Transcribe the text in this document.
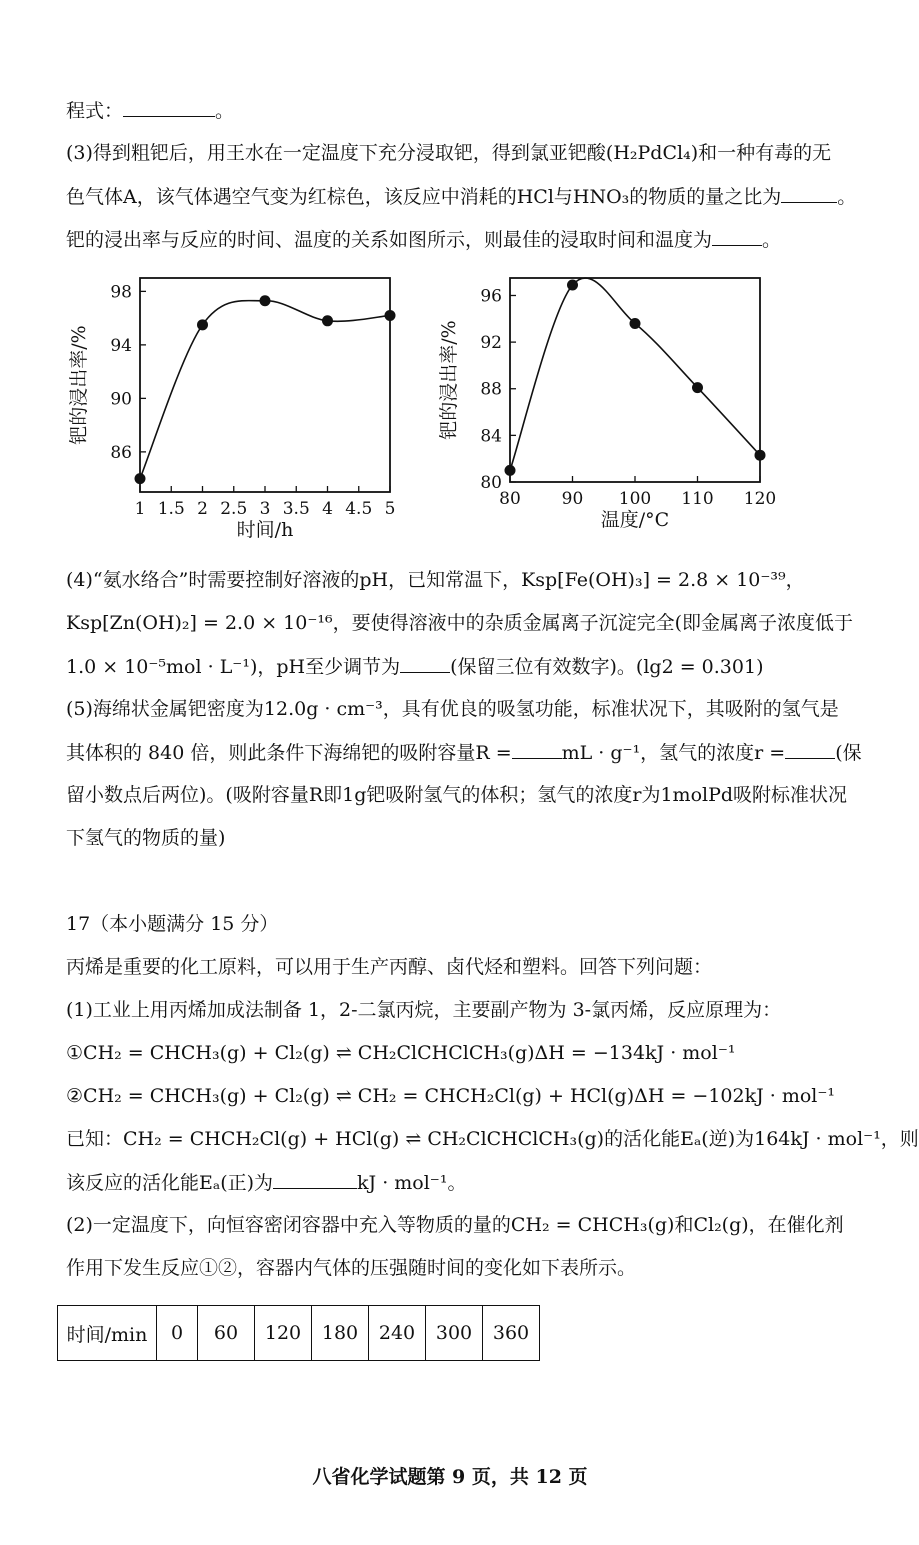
程式：	。
(3)得到粗钯后，用王水在一定温度下充分浸取钯，得到氯亚钯酸(H₂PdCl₄)和一种有毒的无
色气体A，该气体遇空气变为红棕色，该反应中消耗的HCl与HNO₃的物质的量之比为	。
钯的浸出率与反应的时间、温度的关系如图所示，则最佳的浸取时间和温度为	。
1 1.5 2 2.5 3 3.5 4 4.5 5
86
90
94
98
时间/h
钯的浸出率/%
80 90 100 110 120
80
84
88
92
96
温度/°C
钯的浸出率/%
(4)“氨水络合”时需要控制好溶液的pH，已知常温下，Ksp[Fe(OH)₃] = 2.8 × 10⁻³⁹，
Ksp[Zn(OH)₂] = 2.0 × 10⁻¹⁶，要使得溶液中的杂质金属离子沉淀完全(即金属离子浓度低于
1.0 × 10⁻⁵mol · L⁻¹)，pH至少调节为	(保留三位有效数字)。(lg2 = 0.301)
(5)海绵状金属钯密度为12.0g · cm⁻³，具有优良的吸氢功能，标准状况下，其吸附的氢气是
其体积的 840 倍，则此条件下海绵钯的吸附容量R =	mL · g⁻¹，氢气的浓度r =	(保
留小数点后两位)。(吸附容量R即1g钯吸附氢气的体积；氢气的浓度r为1molPd吸附标准状况
下氢气的物质的量)
17（本小题满分 15 分）
丙烯是重要的化工原料，可以用于生产丙醇、卤代烃和塑料。回答下列问题：
(1)工业上用丙烯加成法制备 1，2-二氯丙烷，主要副产物为 3-氯丙烯，反应原理为：
①CH₂ = CHCH₃(g) + Cl₂(g) ⇌ CH₂ClCHClCH₃(g)ΔH = −134kJ · mol⁻¹
②CH₂ = CHCH₃(g) + Cl₂(g) ⇌ CH₂ = CHCH₂Cl(g) + HCl(g)ΔH = −102kJ · mol⁻¹
已知：CH₂ = CHCH₂Cl(g) + HCl(g) ⇌ CH₂ClCHClCH₃(g)的活化能Eₐ(逆)为164kJ · mol⁻¹，则
该反应的活化能Eₐ(正)为	kJ · mol⁻¹。
(2)一定温度下，向恒容密闭容器中充入等物质的量的CH₂ = CHCH₃(g)和Cl₂(g)，在催化剂
作用下发生反应①②，容器内气体的压强随时间的变化如下表所示。
时间/min	0	60	120	180	240	300	360
八省化学试题第 9 页，共 12 页
